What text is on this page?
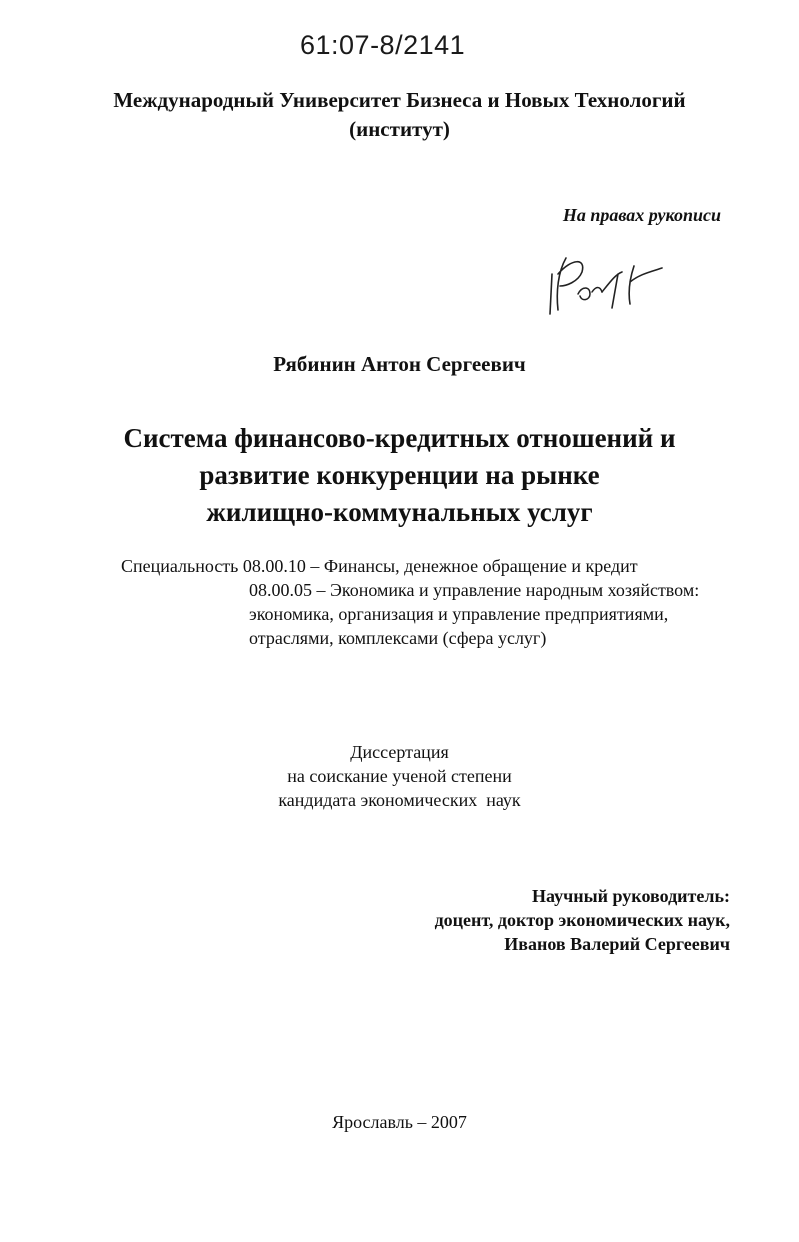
61:07-8/2141
Международный Университет Бизнеса и Новых Технологий
(институт)
На правах рукописи
Рябинин Антон Сергеевич
Система финансово-кредитных отношений и
развитие конкуренции на рынке
жилищно-коммунальных услуг
Специальность 08.00.10 – Финансы, денежное обращение и кредит
08.00.05 – Экономика и управление народным хозяйством:
экономика, организация и управление предприятиями,
отраслями, комплексами (сфера услуг)
Диссертация
на соискание ученой степени
кандидата экономических  наук
Научный руководитель:
доцент, доктор экономических наук,
Иванов Валерий Сергеевич
Ярославль – 2007
